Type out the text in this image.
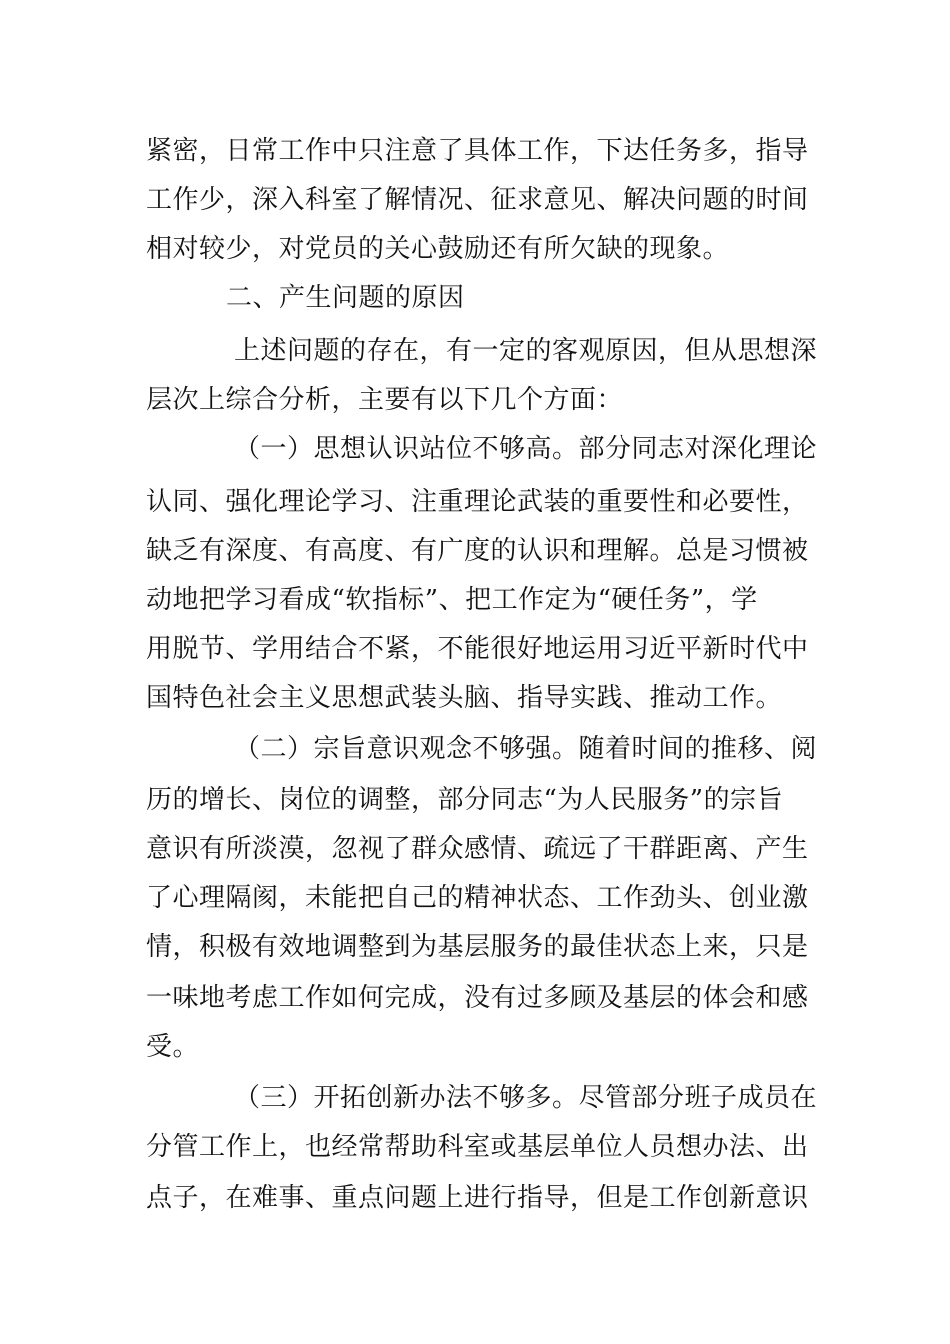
紧密，日常工作中只注意了具体工作，下达任务多，指导
工作少，深入科室了解情况、征求意见、解决问题的时间
相对较少，对党员的关心鼓励还有所欠缺的现象。
二、产生问题的原因
上述问题的存在，有一定的客观原因，但从思想深
层次上综合分析，主要有以下几个方面：
（一）思想认识站位不够高。部分同志对深化理论
认同、强化理论学习、注重理论武装的重要性和必要性，
缺乏有深度、有高度、有广度的认识和理解。总是习惯被
动地把学习看成“软指标”、把工作定为“硬任务”，学
用脱节、学用结合不紧，不能很好地运用习近平新时代中
国特色社会主义思想武装头脑、指导实践、推动工作。
（二）宗旨意识观念不够强。随着时间的推移、阅
历的增长、岗位的调整，部分同志“为人民服务”的宗旨
意识有所淡漠，忽视了群众感情、疏远了干群距离、产生
了心理隔阂，未能把自己的精神状态、工作劲头、创业激
情，积极有效地调整到为基层服务的最佳状态上来，只是
一味地考虑工作如何完成，没有过多顾及基层的体会和感
受。
（三）开拓创新办法不够多。尽管部分班子成员在
分管工作上，也经常帮助科室或基层单位人员想办法、出
点子，在难事、重点问题上进行指导，但是工作创新意识
